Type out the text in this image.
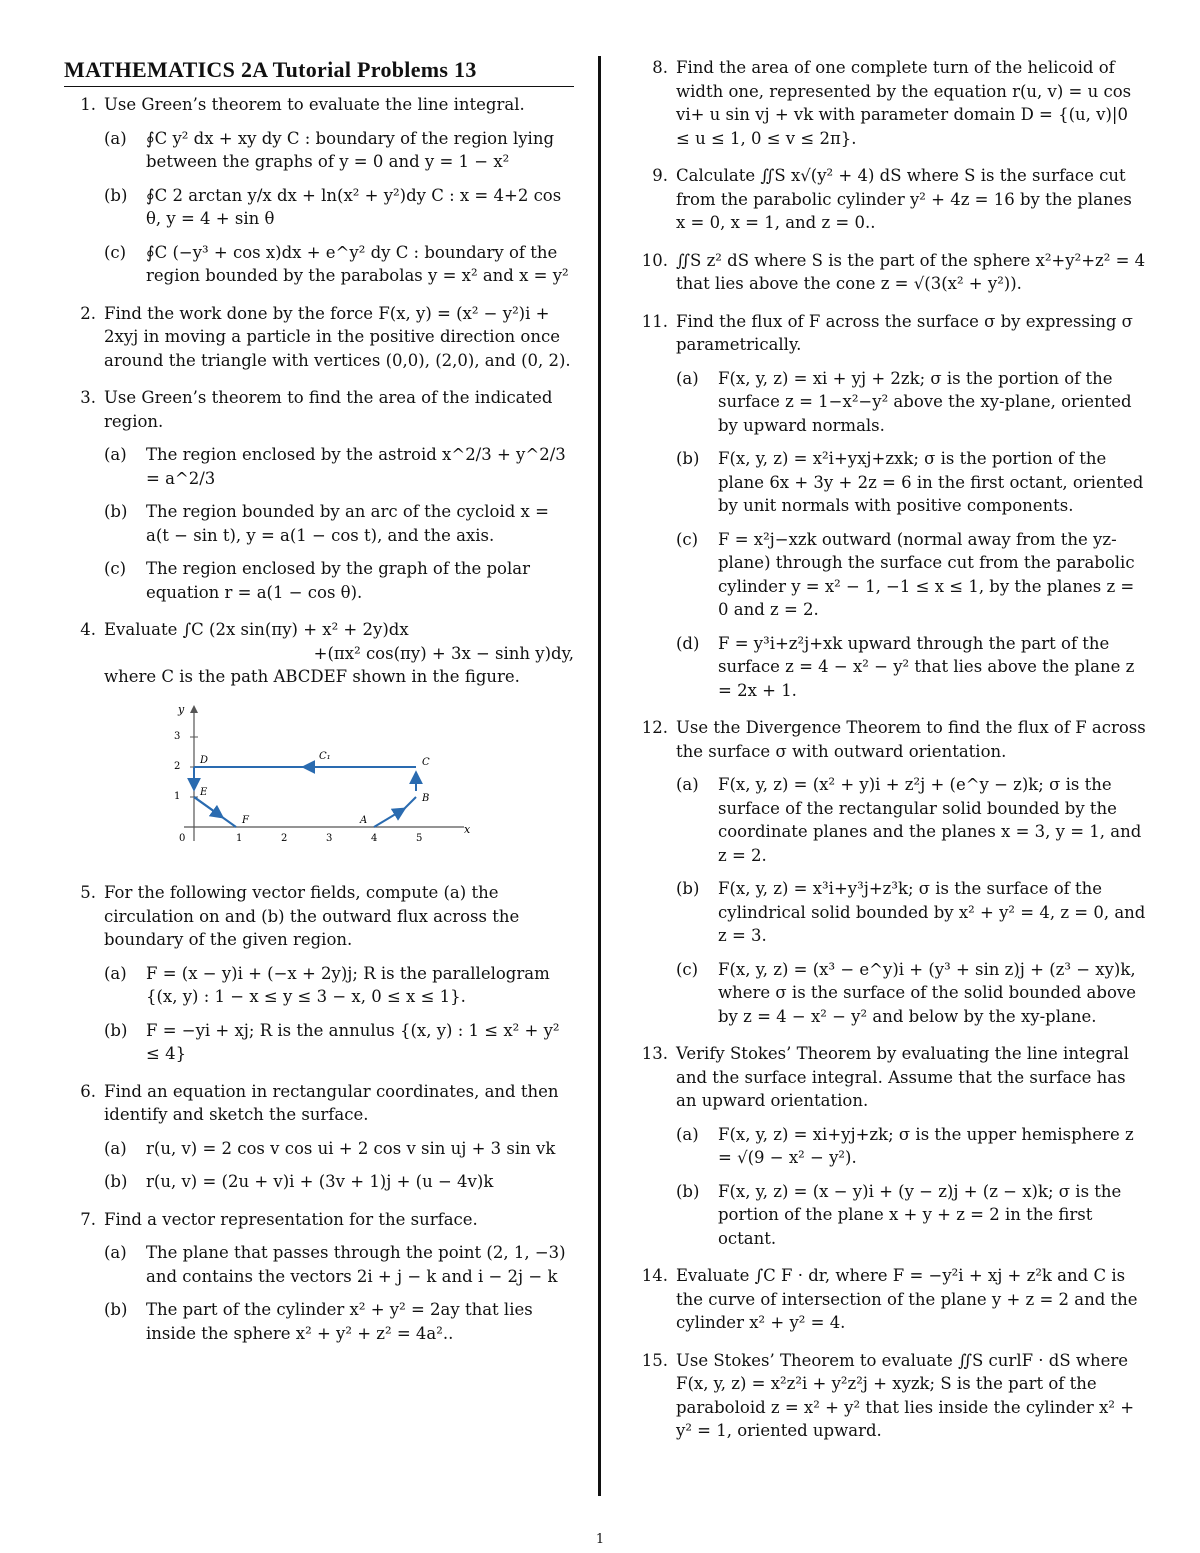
MATHEMATICS 2A Tutorial Problems 13
1. Use Green’s theorem to evaluate the line integral.
(a) ∮C y² dx + xy dy C : boundary of the region lying between the graphs of y = 0 and y = 1 − x²
(b) ∮C 2 arctan y/x dx + ln(x² + y²)dy C : x = 4+2 cos θ, y = 4 + sin θ
(c) ∮C (−y³ + cos x)dx + e^y² dy C : boundary of the region bounded by the parabolas y = x² and x = y²
2. Find the work done by the force F(x, y) = (x² − y²)i + 2xyj in moving a particle in the positive direction once around the triangle with vertices (0,0), (2,0), and (0, 2).
3. Use Green’s theorem to find the area of the indicated region.
(a) The region enclosed by the astroid x^2/3 + y^2/3 = a^2/3
(b) The region bounded by an arc of the cycloid x = a(t − sin t), y = a(1 − cos t), and the axis.
(c) The region enclosed by the graph of the polar equation r = a(1 − cos θ).
4. Evaluate ∫C (2x sin(πy) + x² + 2y)dx
+(πx² cos(πy) + 3x − sinh y)dy,
where C is the path ABCDEF shown in the figure.
y
x
0	1	2	3	4	5
1
2
3
A
B
C
D
E
F
C₁
5. For the following vector fields, compute (a) the circulation on and (b) the outward flux across the boundary of the given region.
(a) F = (x − y)i + (−x + 2y)j; R is the parallelogram {(x, y) : 1 − x ≤ y ≤ 3 − x, 0 ≤ x ≤ 1}.
(b) F = −yi + xj; R is the annulus {(x, y) : 1 ≤ x² + y² ≤ 4}
6. Find an equation in rectangular coordinates, and then identify and sketch the surface.
(a) r(u, v) = 2 cos v cos ui + 2 cos v sin uj + 3 sin vk
(b) r(u, v) = (2u + v)i + (3v + 1)j + (u − 4v)k
7. Find a vector representation for the surface.
(a) The plane that passes through the point (2, 1, −3) and contains the vectors 2i + j − k and i − 2j − k
(b) The part of the cylinder x² + y² = 2ay that lies inside the sphere x² + y² + z² = 4a²..
8. Find the area of one complete turn of the helicoid of width one, represented by the equation r(u, v) = u cos vi+ u sin vj + vk with parameter domain D = {(u, v)|0 ≤ u ≤ 1, 0 ≤ v ≤ 2π}.
9. Calculate ∬S x√(y² + 4) dS where S is the surface cut from the parabolic cylinder y² + 4z = 16 by the planes x = 0, x = 1, and z = 0..
10. ∬S z² dS where S is the part of the sphere x²+y²+z² = 4 that lies above the cone z = √(3(x² + y²)).
11. Find the flux of F across the surface σ by expressing σ parametrically.
(a) F(x, y, z) = xi + yj + 2zk; σ is the portion of the surface z = 1−x²−y² above the xy-plane, oriented by upward normals.
(b) F(x, y, z) = x²i+yxj+zxk; σ is the portion of the plane 6x + 3y + 2z = 6 in the first octant, oriented by unit normals with positive components.
(c) F = x²j−xzk outward (normal away from the yz-plane) through the surface cut from the parabolic cylinder y = x² − 1, −1 ≤ x ≤ 1, by the planes z = 0 and z = 2.
(d) F = y³i+z²j+xk upward through the part of the surface z = 4 − x² − y² that lies above the plane z = 2x + 1.
12. Use the Divergence Theorem to find the flux of F across the surface σ with outward orientation.
(a) F(x, y, z) = (x² + y)i + z²j + (e^y − z)k; σ is the surface of the rectangular solid bounded by the coordinate planes and the planes x = 3, y = 1, and z = 2.
(b) F(x, y, z) = x³i+y³j+z³k; σ is the surface of the cylindrical solid bounded by x² + y² = 4, z = 0, and z = 3.
(c) F(x, y, z) = (x³ − e^y)i + (y³ + sin z)j + (z³ − xy)k, where σ is the surface of the solid bounded above by z = 4 − x² − y² and below by the xy-plane.
13. Verify Stokes’ Theorem by evaluating the line integral and the surface integral. Assume that the surface has an upward orientation.
(a) F(x, y, z) = xi+yj+zk; σ is the upper hemisphere z = √(9 − x² − y²).
(b) F(x, y, z) = (x − y)i + (y − z)j + (z − x)k; σ is the portion of the plane x + y + z = 2 in the first octant.
14. Evaluate ∫C F · dr, where F = −y²i + xj + z²k and C is the curve of intersection of the plane y + z = 2 and the cylinder x² + y² = 4.
15. Use Stokes’ Theorem to evaluate ∬S curlF · dS where F(x, y, z) = x²z²i + y²z²j + xyzk; S is the part of the paraboloid z = x² + y² that lies inside the cylinder x² + y² = 1, oriented upward.
1
